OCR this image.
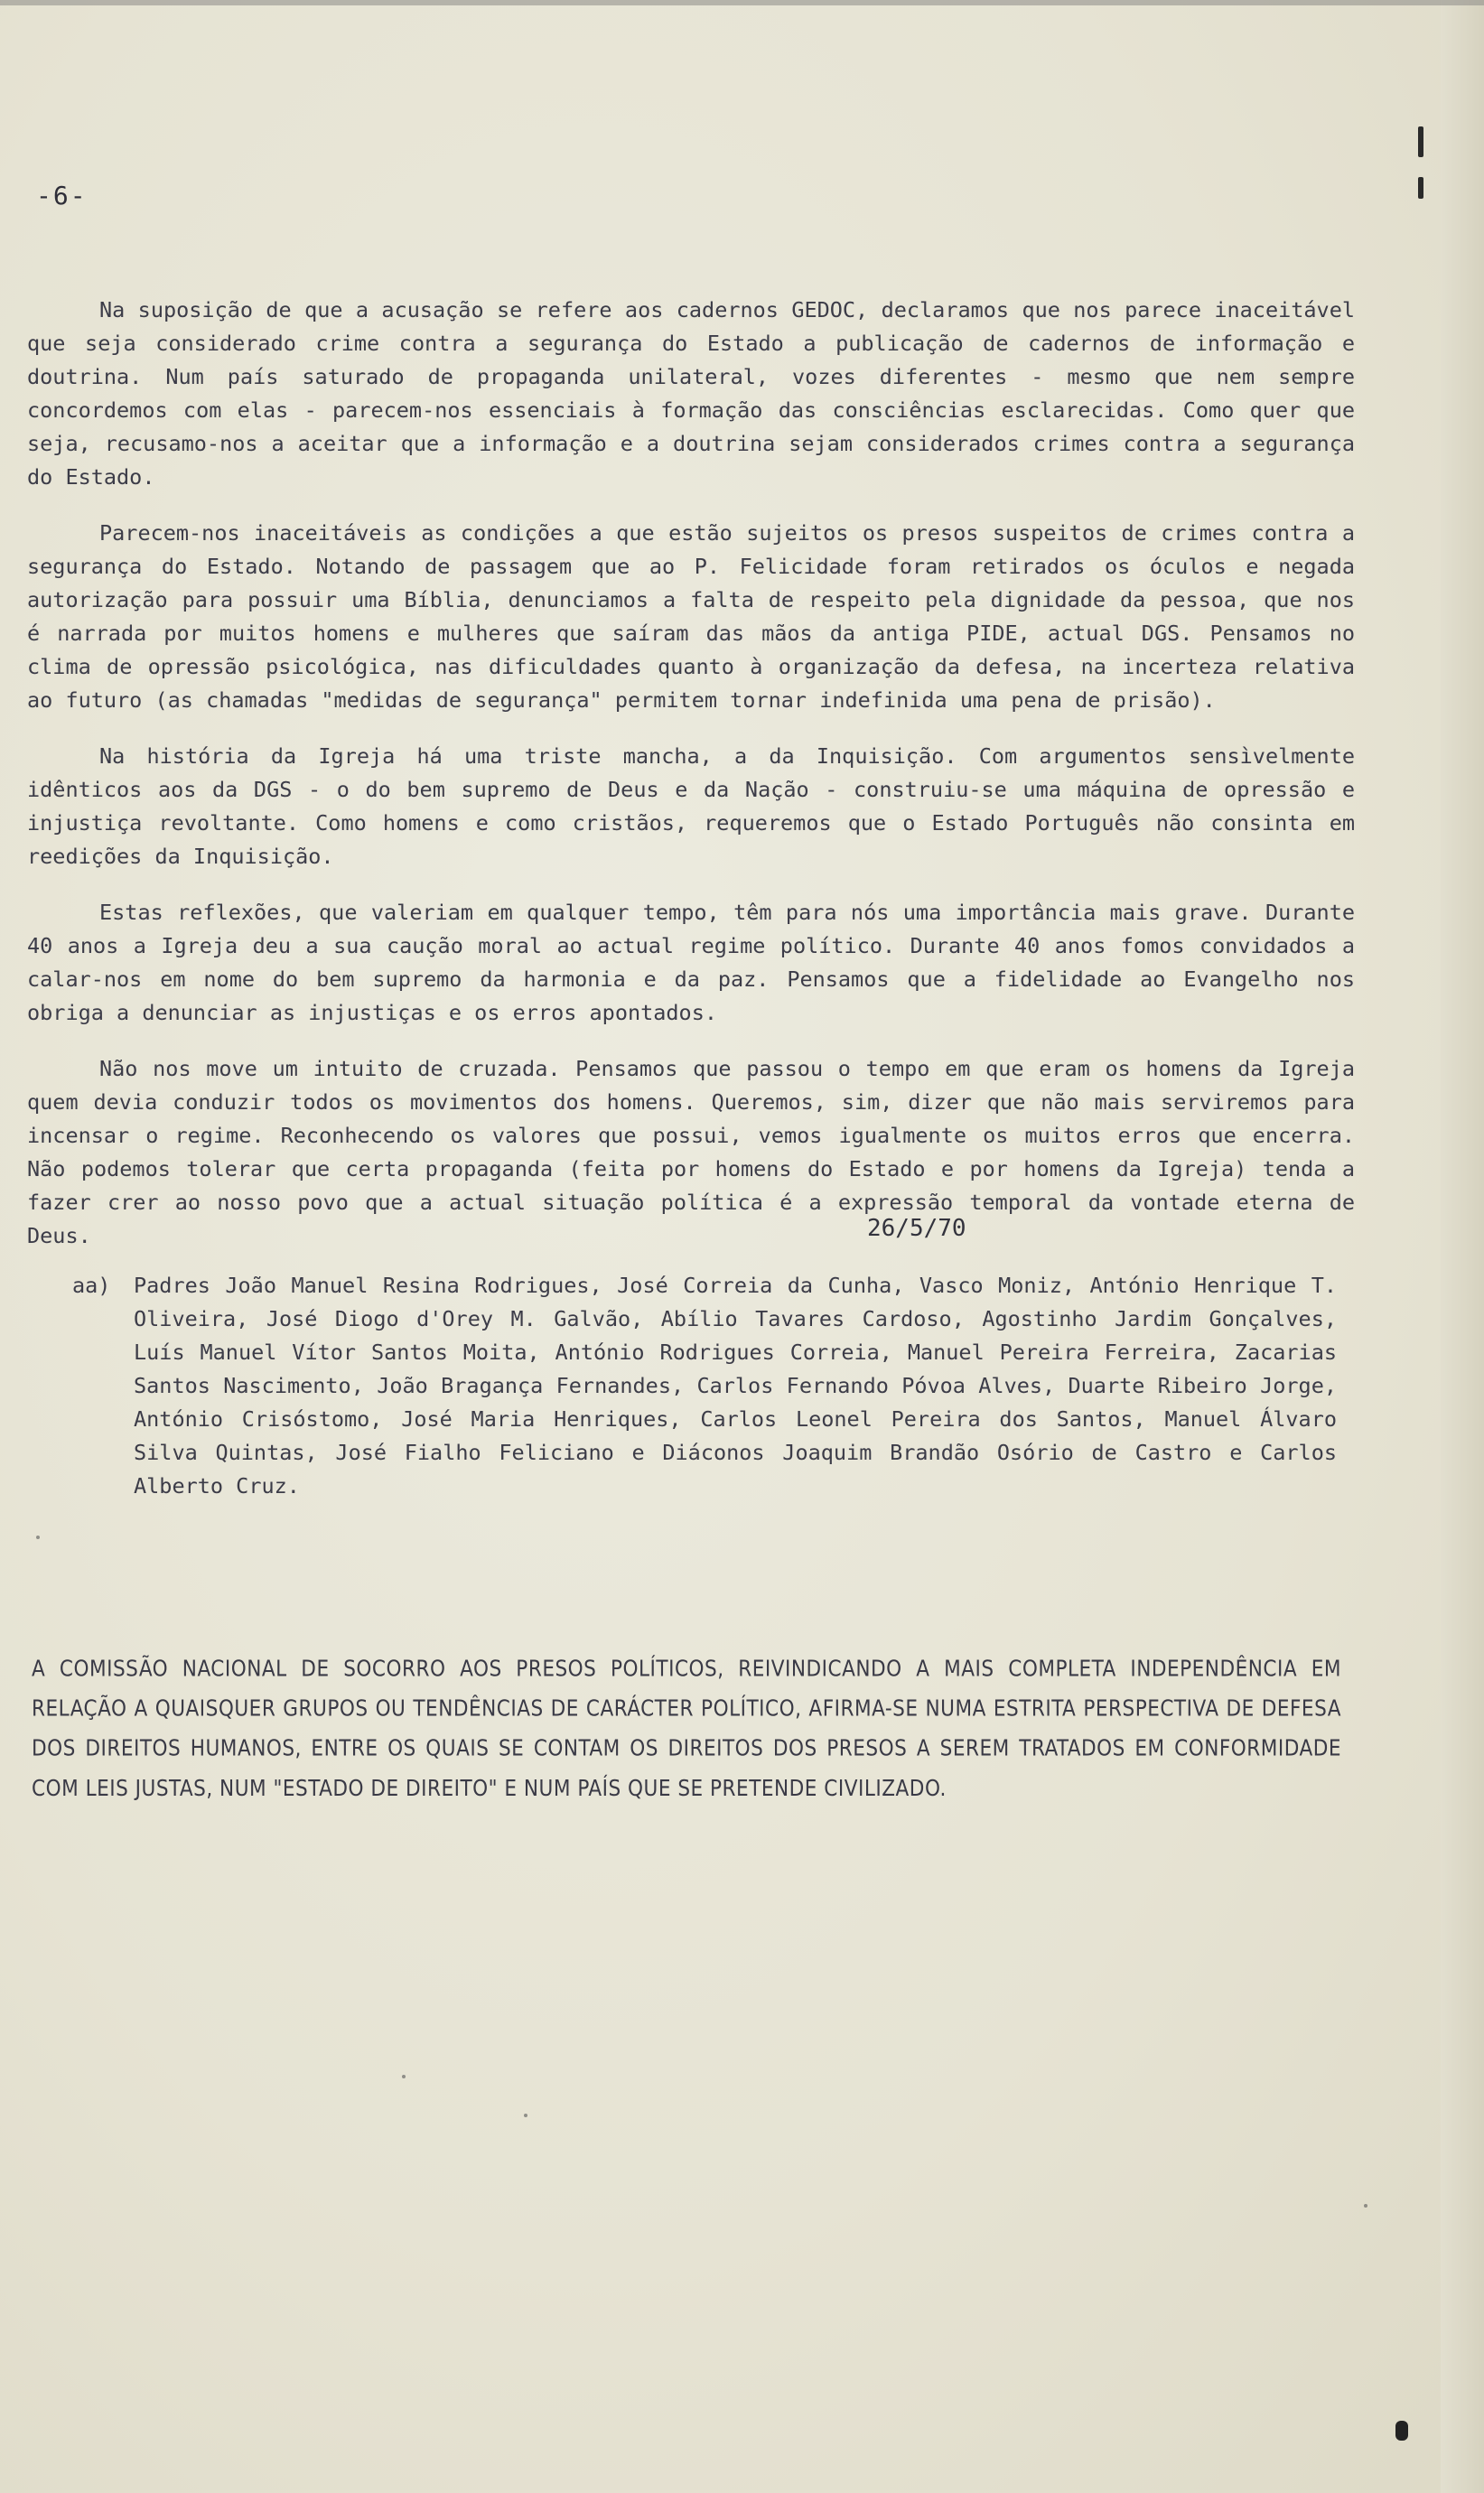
-6-

Na suposição de que a acusação se refere aos cadernos GEDOC, declaramos que nos parece inaceitável que seja considerado crime contra a segurança do Estado a publicação de cadernos de informação e doutrina. Num país saturado de propaganda unilateral, vozes diferentes - mesmo que nem sempre concordemos com elas - parecem-nos essenciais à formação das consciências esclarecidas. Como quer que seja, recusamo-nos a aceitar que a informação e a doutrina sejam considerados crimes contra a segurança do Estado.

Parecem-nos inaceitáveis as condições a que estão sujeitos os presos suspeitos de crimes contra a segurança do Estado. Notando de passagem que ao P. Felicidade foram retirados os óculos e negada autorização para possuir uma Bíblia, denunciamos a falta de respeito pela dignidade da pessoa, que nos é narrada por muitos homens e mulheres que saíram das mãos da antiga PIDE, actual DGS. Pensamos no clima de opressão psicológica, nas dificuldades quanto à organização da defesa, na incerteza relativa ao futuro (as chamadas "medidas de segurança" permitem tornar indefinida uma pena de prisão).

Na história da Igreja há uma triste mancha, a da Inquisição. Com argumentos sensìvelmente idênticos aos da DGS - o do bem supremo de Deus e da Nação - construiu-se uma máquina de opressão e injustiça revoltante. Como homens e como cristãos, requeremos que o Estado Português não consinta em reedições da Inquisição.

Estas reflexões, que valeriam em qualquer tempo, têm para nós uma importância mais grave. Durante 40 anos a Igreja deu a sua caução moral ao actual regime político. Durante 40 anos fomos convidados a calar-nos em nome do bem supremo da harmonia e da paz. Pensamos que a fidelidade ao Evangelho nos obriga a denunciar as injustiças e os erros apontados.

Não nos move um intuito de cruzada. Pensamos que passou o tempo em que eram os homens da Igreja quem devia conduzir todos os movimentos dos homens. Queremos, sim, dizer que não mais serviremos para incensar o regime. Reconhecendo os valores que possui, vemos igualmente os muitos erros que encerra. Não podemos tolerar que certa propaganda (feita por homens do Estado e por homens da Igreja) tenda a fazer crer ao nosso povo que a actual situação política é a expressão temporal da vontade eterna de Deus.	26/5/70
aa) Padres João Manuel Resina Rodrigues, José Correia da Cunha, Vasco Moniz, António Henrique T. Oliveira, José Diogo d'Orey M. Galvão, Abílio Tavares Cardoso, Agostinho Jardim Gonçalves, Luís Manuel Vítor Santos Moita, António Rodrigues Correia, Manuel Pereira Ferreira, Zacarias Santos Nascimento, João Bragança Fernandes, Carlos Fernando Póvoa Alves, Duarte Ribeiro Jorge, António Crisóstomo, José Maria Henriques, Carlos Leonel Pereira dos Santos, Manuel Álvaro Silva Quintas, José Fialho Feliciano e Diáconos Joaquim Brandão Osório de Castro e Carlos Alberto Cruz.
A COMISSÃO NACIONAL DE SOCORRO AOS PRESOS POLÍTICOS, REIVINDICANDO A MAIS COMPLETA INDEPENDÊNCIA EM RELAÇÃO A QUAISQUER GRUPOS OU TENDÊNCIAS DE CARÁCTER POLÍTICO, AFIRMA-SE NUMA ESTRITA PERSPECTIVA DE DEFESA DOS DIREITOS HUMANOS, ENTRE OS QUAIS SE CONTAM OS DIREITOS DOS PRESOS A SEREM TRATADOS EM CONFORMIDADE COM LEIS JUSTAS, NUM "ESTADO DE DIREITO" E NUM PAÍS QUE SE PRETENDE CIVILIZADO.
